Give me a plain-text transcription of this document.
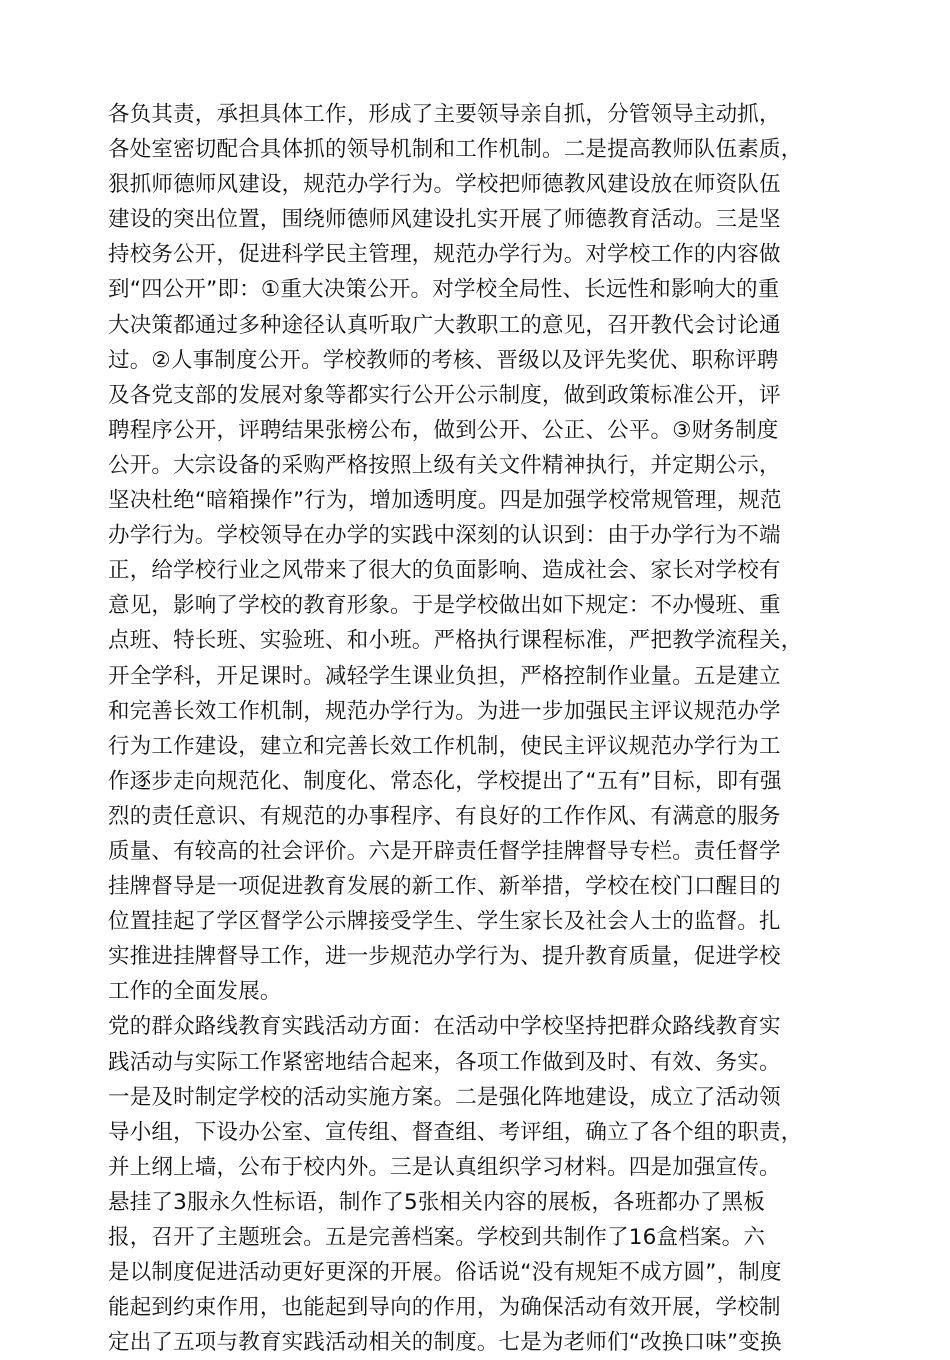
各负其责，承担具体工作，形成了主要领导亲自抓，分管领导主动抓，
各处室密切配合具体抓的领导机制和工作机制。二是提高教师队伍素质，
狠抓师德师风建设，规范办学行为。学校把师德教风建设放在师资队伍
建设的突出位置，围绕师德师风建设扎实开展了师德教育活动。三是坚
持校务公开，促进科学民主管理，规范办学行为。对学校工作的内容做
到“四公开”即：①重大决策公开。对学校全局性、长远性和影响大的重
大决策都通过多种途径认真听取广大教职工的意见，召开教代会讨论通
过。②人事制度公开。学校教师的考核、晋级以及评先奖优、职称评聘
及各党支部的发展对象等都实行公开公示制度，做到政策标准公开，评
聘程序公开，评聘结果张榜公布，做到公开、公正、公平。③财务制度
公开。大宗设备的采购严格按照上级有关文件精神执行，并定期公示，
坚决杜绝“暗箱操作”行为，增加透明度。四是加强学校常规管理，规范
办学行为。学校领导在办学的实践中深刻的认识到：由于办学行为不端
正，给学校行业之风带来了很大的负面影响、造成社会、家长对学校有
意见，影响了学校的教育形象。于是学校做出如下规定：不办慢班、重
点班、特长班、实验班、和小班。严格执行课程标准，严把教学流程关，
开全学科，开足课时。减轻学生课业负担，严格控制作业量。五是建立
和完善长效工作机制，规范办学行为。为进一步加强民主评议规范办学
行为工作建设，建立和完善长效工作机制，使民主评议规范办学行为工
作逐步走向规范化、制度化、常态化，学校提出了“五有”目标，即有强
烈的责任意识、有规范的办事程序、有良好的工作作风、有满意的服务
质量、有较高的社会评价。六是开辟责任督学挂牌督导专栏。责任督学
挂牌督导是一项促进教育发展的新工作、新举措，学校在校门口醒目的
位置挂起了学区督学公示牌接受学生、学生家长及社会人士的监督。扎
实推进挂牌督导工作，进一步规范办学行为、提升教育质量，促进学校
工作的全面发展。
党的群众路线教育实践活动方面：在活动中学校坚持把群众路线教育实
践活动与实际工作紧密地结合起来，各项工作做到及时、有效、务实。
一是及时制定学校的活动实施方案。二是强化阵地建设，成立了活动领
导小组，下设办公室、宣传组、督查组、考评组，确立了各个组的职责，
并上纲上墙，公布于校内外。三是认真组织学习材料。四是加强宣传。
悬挂了3服永久性标语，制作了5张相关内容的展板，各班都办了黑板
报，召开了主题班会。五是完善档案。学校到共制作了16盒档案。六
是以制度促进活动更好更深的开展。俗话说“没有规矩不成方圆”，制度
能起到约束作用，也能起到导向的作用，为确保活动有效开展，学校制
定出了五项与教育实践活动相关的制度。七是为老师们“改换口味”变换
